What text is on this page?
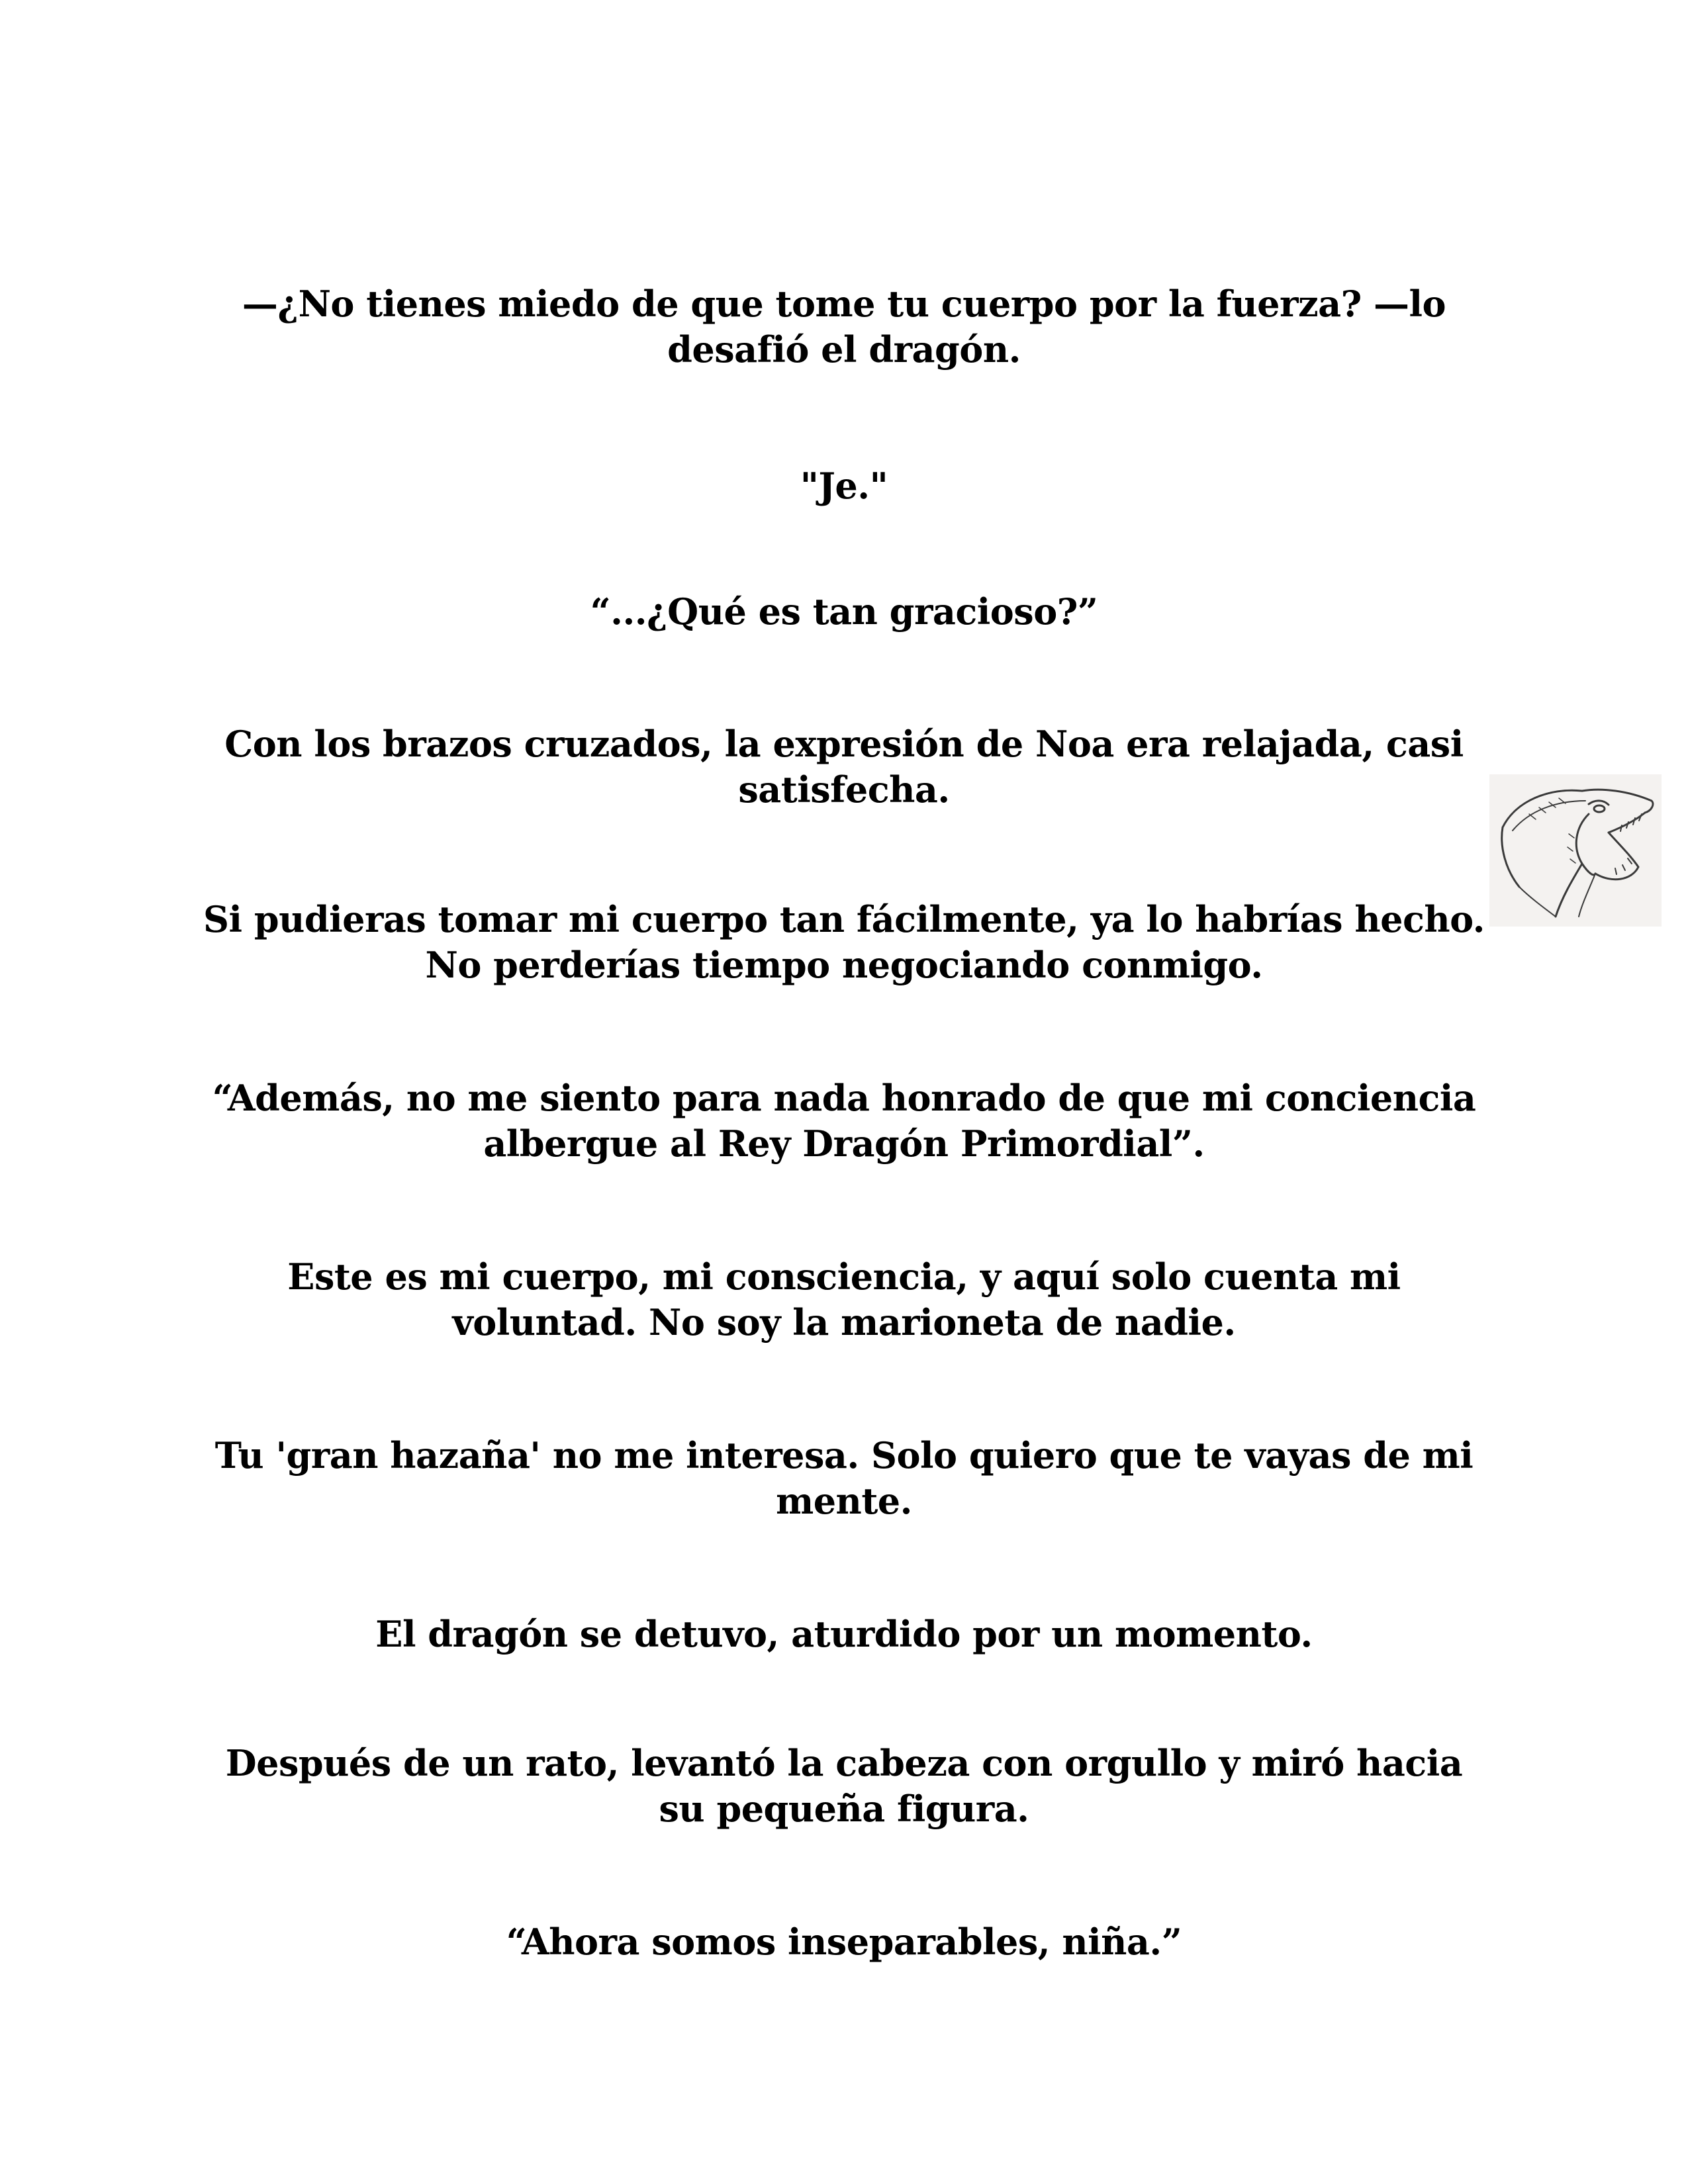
—¿No tienes miedo de que tome tu cuerpo por la fuerza? —lo desafió el dragón.

"Je."

“...¿Qué es tan gracioso?”

Con los brazos cruzados, la expresión de Noa era relajada, casi satisfecha.

Si pudieras tomar mi cuerpo tan fácilmente, ya lo habrías hecho. No perderías tiempo negociando conmigo.

“Además, no me siento para nada honrado de que mi conciencia albergue al Rey Dragón Primordial”.

Este es mi cuerpo, mi consciencia, y aquí solo cuenta mi voluntad. No soy la marioneta de nadie.

Tu 'gran hazaña' no me interesa. Solo quiero que te vayas de mi mente.

El dragón se detuvo, aturdido por un momento.

Después de un rato, levantó la cabeza con orgullo y miró hacia su pequeña figura.

“Ahora somos inseparables, niña.”
